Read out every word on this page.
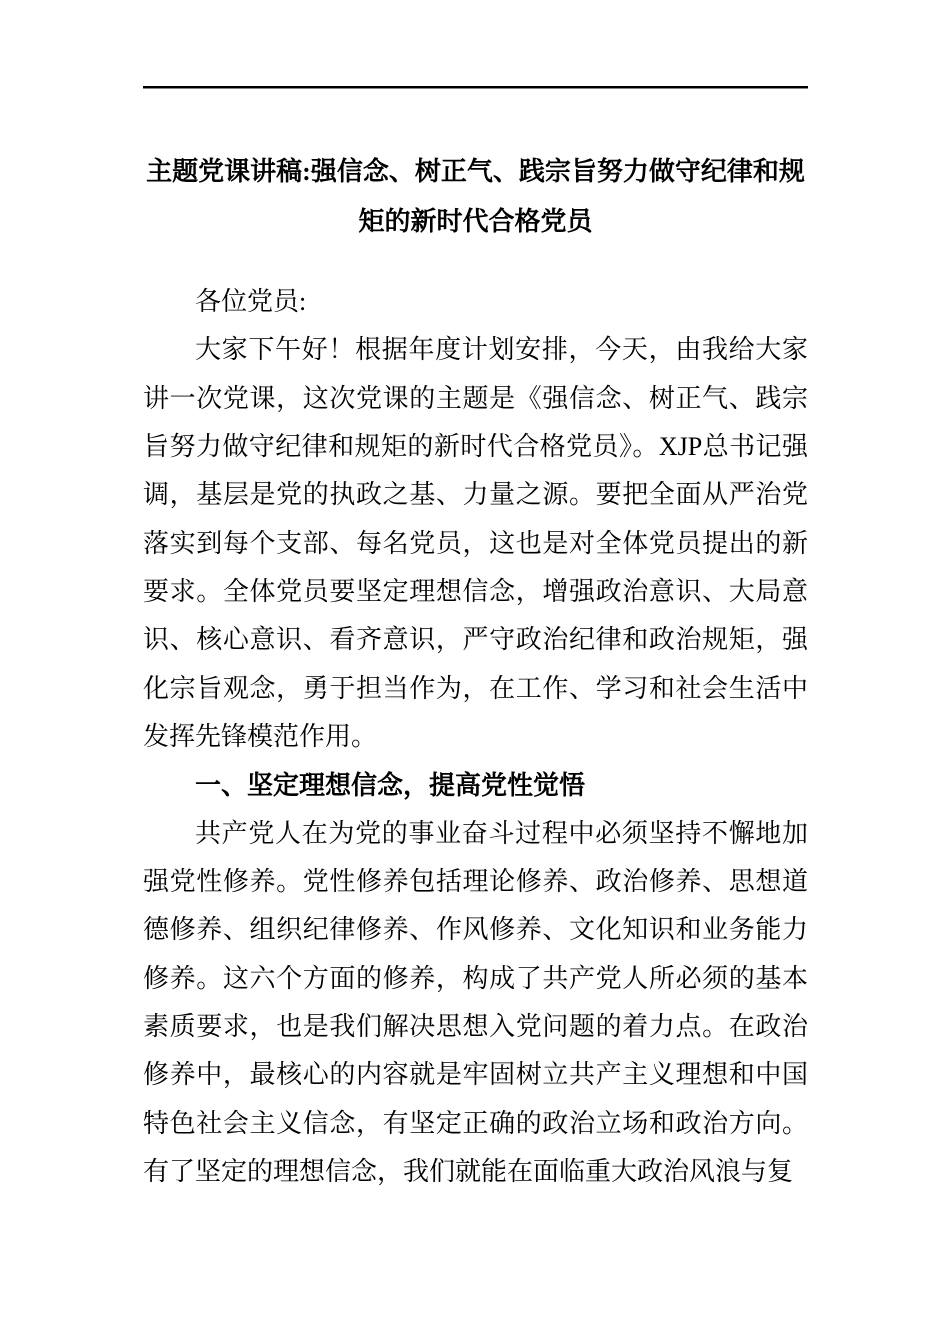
主题党课讲稿:强信念、树正气、践宗旨努力做守纪律和规矩的新时代合格党员

各位党员:

大家下午好！根据年度计划安排，今天，由我给大家讲一次党课，这次党课的主题是《强信念、树正气、践宗旨努力做守纪律和规矩的新时代合格党员》。XJP总书记强调，基层是党的执政之基、力量之源。要把全面从严治党落实到每个支部、每名党员，这也是对全体党员提出的新要求。全体党员要坚定理想信念，增强政治意识、大局意识、核心意识、看齐意识，严守政治纪律和政治规矩，强化宗旨观念，勇于担当作为，在工作、学习和社会生活中发挥先锋模范作用。

一、坚定理想信念，提高党性觉悟

共产党人在为党的事业奋斗过程中必须坚持不懈地加强党性修养。党性修养包括理论修养、政治修养、思想道德修养、组织纪律修养、作风修养、文化知识和业务能力修养。这六个方面的修养，构成了共产党人所必须的基本素质要求，也是我们解决思想入党问题的着力点。在政治修养中，最核心的内容就是牢固树立共产主义理想和中国特色社会主义信念，有坚定正确的政治立场和政治方向。有了坚定的理想信念，我们就能在面临重大政治风浪与复
